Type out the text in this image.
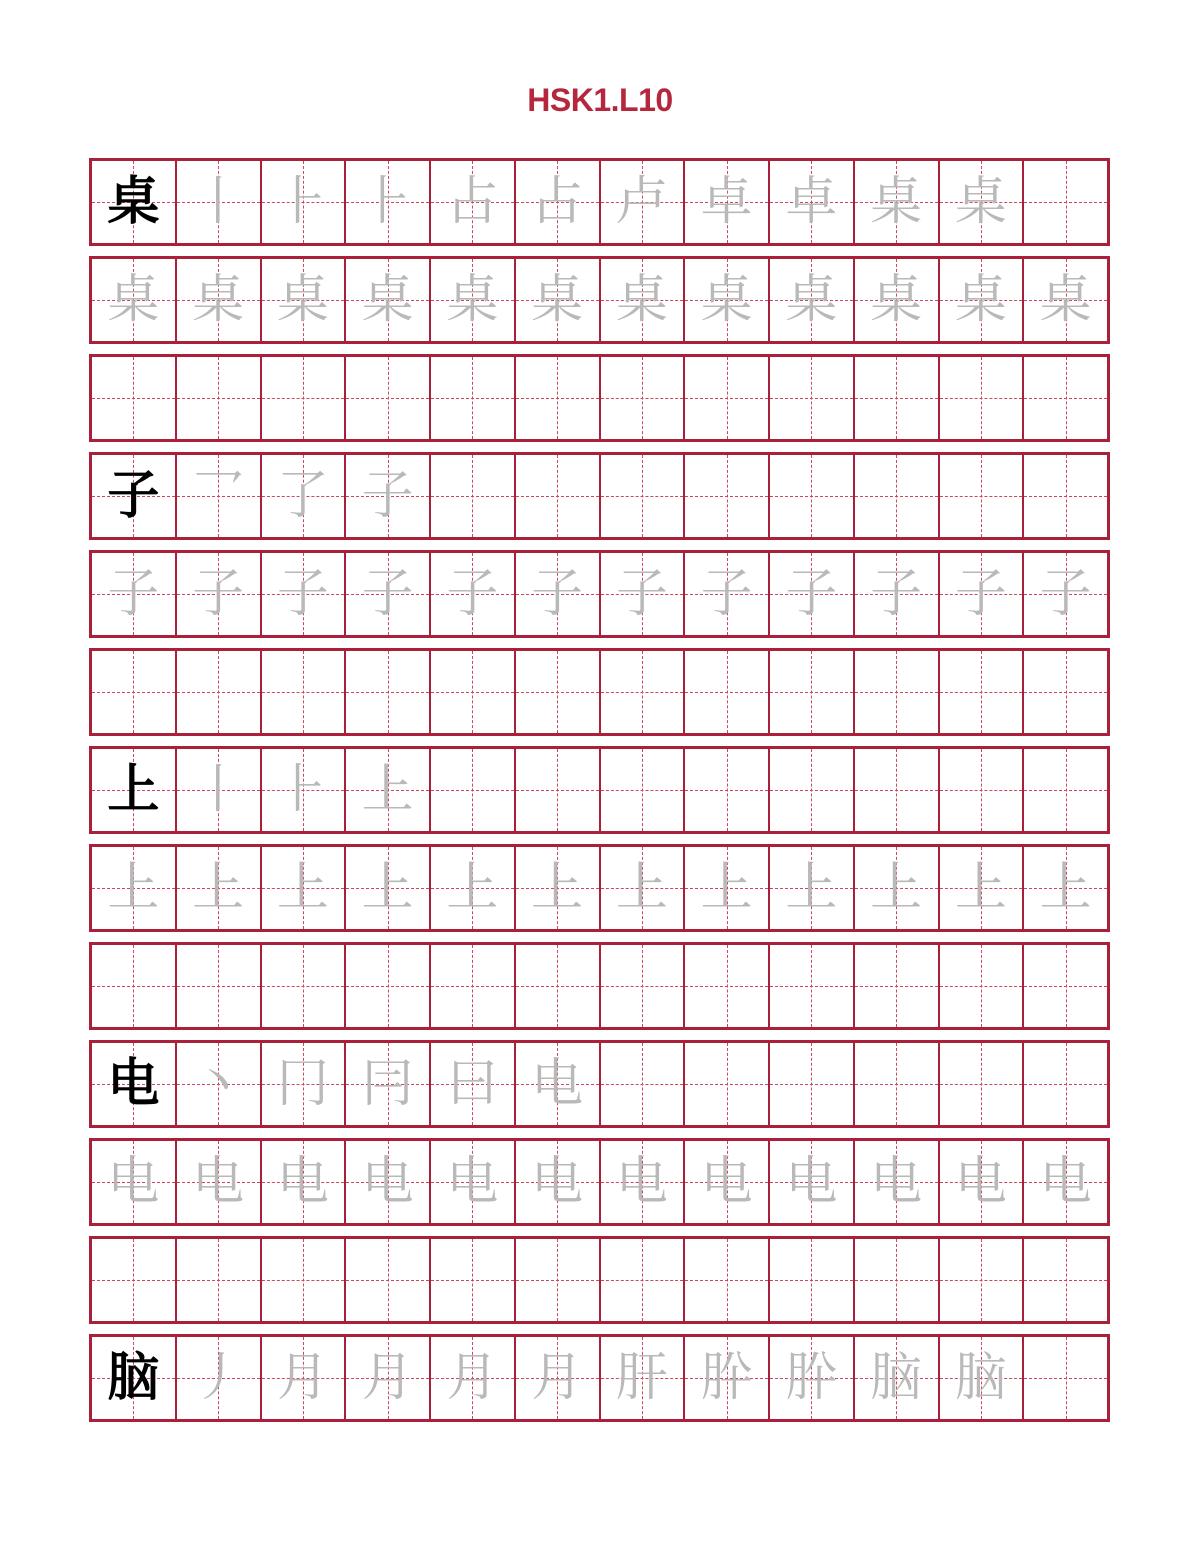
HSK1.L10
桌 丨 ⺊ ⺊ 占 占 卢 卓 卓 桌 桌
桌 桌 桌 桌 桌 桌 桌 桌 桌 桌 桌 桌
子 乛 了 子
子 子 子 子 子 子 子 子 子 子 子 子
上 丨 ⺊ 上
上 上 上 上 上 上 上 上 上 上 上 上
电 丶 冂 冃 曰 电
电 电 电 电 电 电 电 电 电 电 电 电
脑 丿 月 月 月 月 肝 肸 肸 脑 脑
